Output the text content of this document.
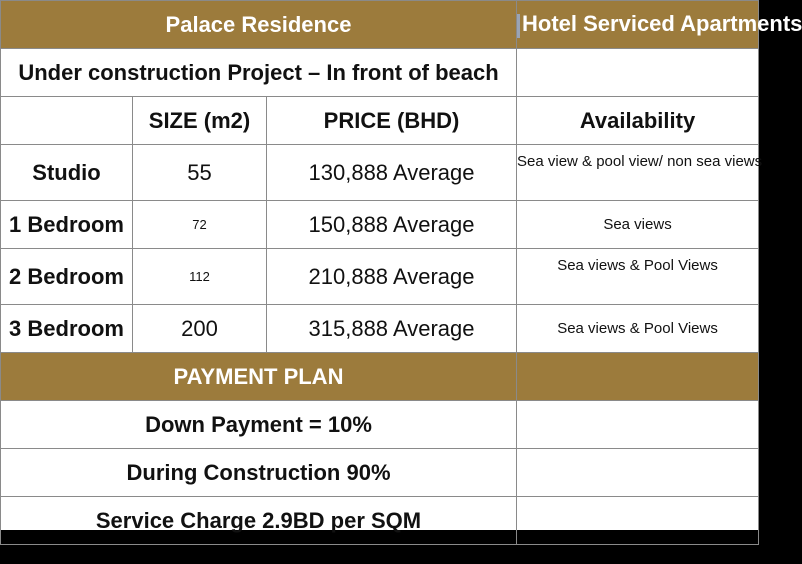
Palace Residence			Hotel Serviced Apartments
Under construction Project – In front of beach			
	SIZE (m2)	PRICE (BHD)	Availability
Studio	55	130,888 Average	Sea view & pool view/ non sea views
1 Bedroom	72	150,888 Average	Sea views
2 Bedroom	112	210,888 Average	Sea views & Pool Views
3 Bedroom	200	315,888 Average	Sea views & Pool Views
PAYMENT PLAN			
Down Payment = 10%			
During Construction 90%			
Service Charge 2.9BD per SQM			
